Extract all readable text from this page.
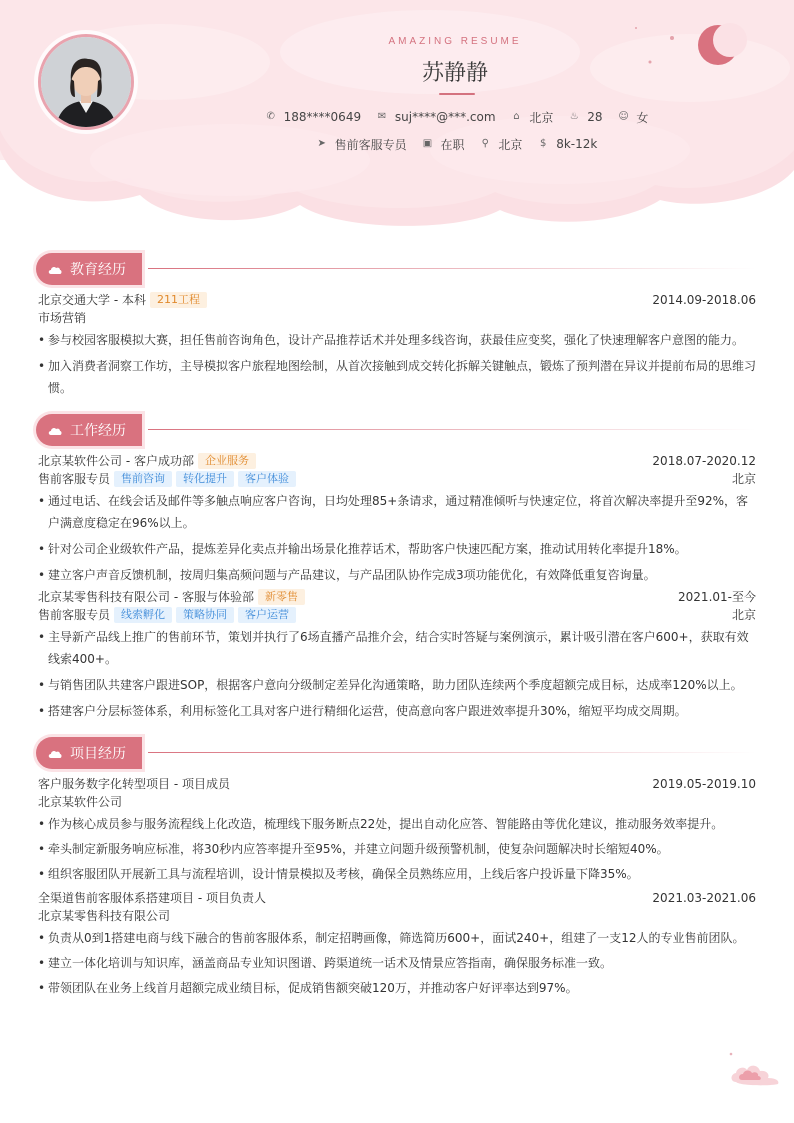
AMAZING RESUME
苏静静
✆ 188****0649
✉ suj****@***.com
⌂ 北京
♨ 28
☺ 女
➤ 售前客服专员
▣ 在职
⚲ 北京
$ 8k-12k
教育经历
北京交通大学 - 本科	211工程	2014.09-2018.06
市场营销
• 参与校园客服模拟大赛，担任售前咨询角色，设计产品推荐话术并处理多线咨询，获最佳应变奖，强化了快速理解客户意图的能力。
• 加入消费者洞察工作坊，主导模拟客户旅程地图绘制，从首次接触到成交转化拆解关键触点，锻炼了预判潜在异议并提前布局的思维习惯。
工作经历
北京某软件公司 - 客户成功部	企业服务	2018.07-2020.12
售前客服专员	售前咨询	转化提升	客户体验	北京
• 通过电话、在线会话及邮件等多触点响应客户咨询，日均处理85+条请求，通过精准倾听与快速定位，将首次解决率提升至92%，客户满意度稳定在96%以上。
• 针对公司企业级软件产品，提炼差异化卖点并输出场景化推荐话术，帮助客户快速匹配方案，推动试用转化率提升18%。
• 建立客户声音反馈机制，按周归集高频问题与产品建议，与产品团队协作完成3项功能优化，有效降低重复咨询量。
北京某零售科技有限公司 - 客服与体验部	新零售	2021.01-至今
售前客服专员	线索孵化	策略协同	客户运营	北京
• 主导新产品线上推广的售前环节，策划并执行了6场直播产品推介会，结合实时答疑与案例演示，累计吸引潜在客户600+，获取有效线索400+。
• 与销售团队共建客户跟进SOP，根据客户意向分级制定差异化沟通策略，助力团队连续两个季度超额完成目标，达成率120%以上。
• 搭建客户分层标签体系，利用标签化工具对客户进行精细化运营，使高意向客户跟进效率提升30%，缩短平均成交周期。
项目经历
客户服务数字化转型项目 - 项目成员	2019.05-2019.10
北京某软件公司
• 作为核心成员参与服务流程线上化改造，梳理线下服务断点22处，提出自动化应答、智能路由等优化建议，推动服务效率提升。
• 牵头制定新服务响应标准，将30秒内应答率提升至95%，并建立问题升级预警机制，使复杂问题解决时长缩短40%。
• 组织客服团队开展新工具与流程培训，设计情景模拟及考核，确保全员熟练应用，上线后客户投诉量下降35%。
全渠道售前客服体系搭建项目 - 项目负责人	2021.03-2021.06
北京某零售科技有限公司
• 负责从0到1搭建电商与线下融合的售前客服体系，制定招聘画像，筛选简历600+，面试240+，组建了一支12人的专业售前团队。
• 建立一体化培训与知识库，涵盖商品专业知识图谱、跨渠道统一话术及情景应答指南，确保服务标准一致。
• 带领团队在业务上线首月超额完成业绩目标，促成销售额突破120万，并推动客户好评率达到97%。
